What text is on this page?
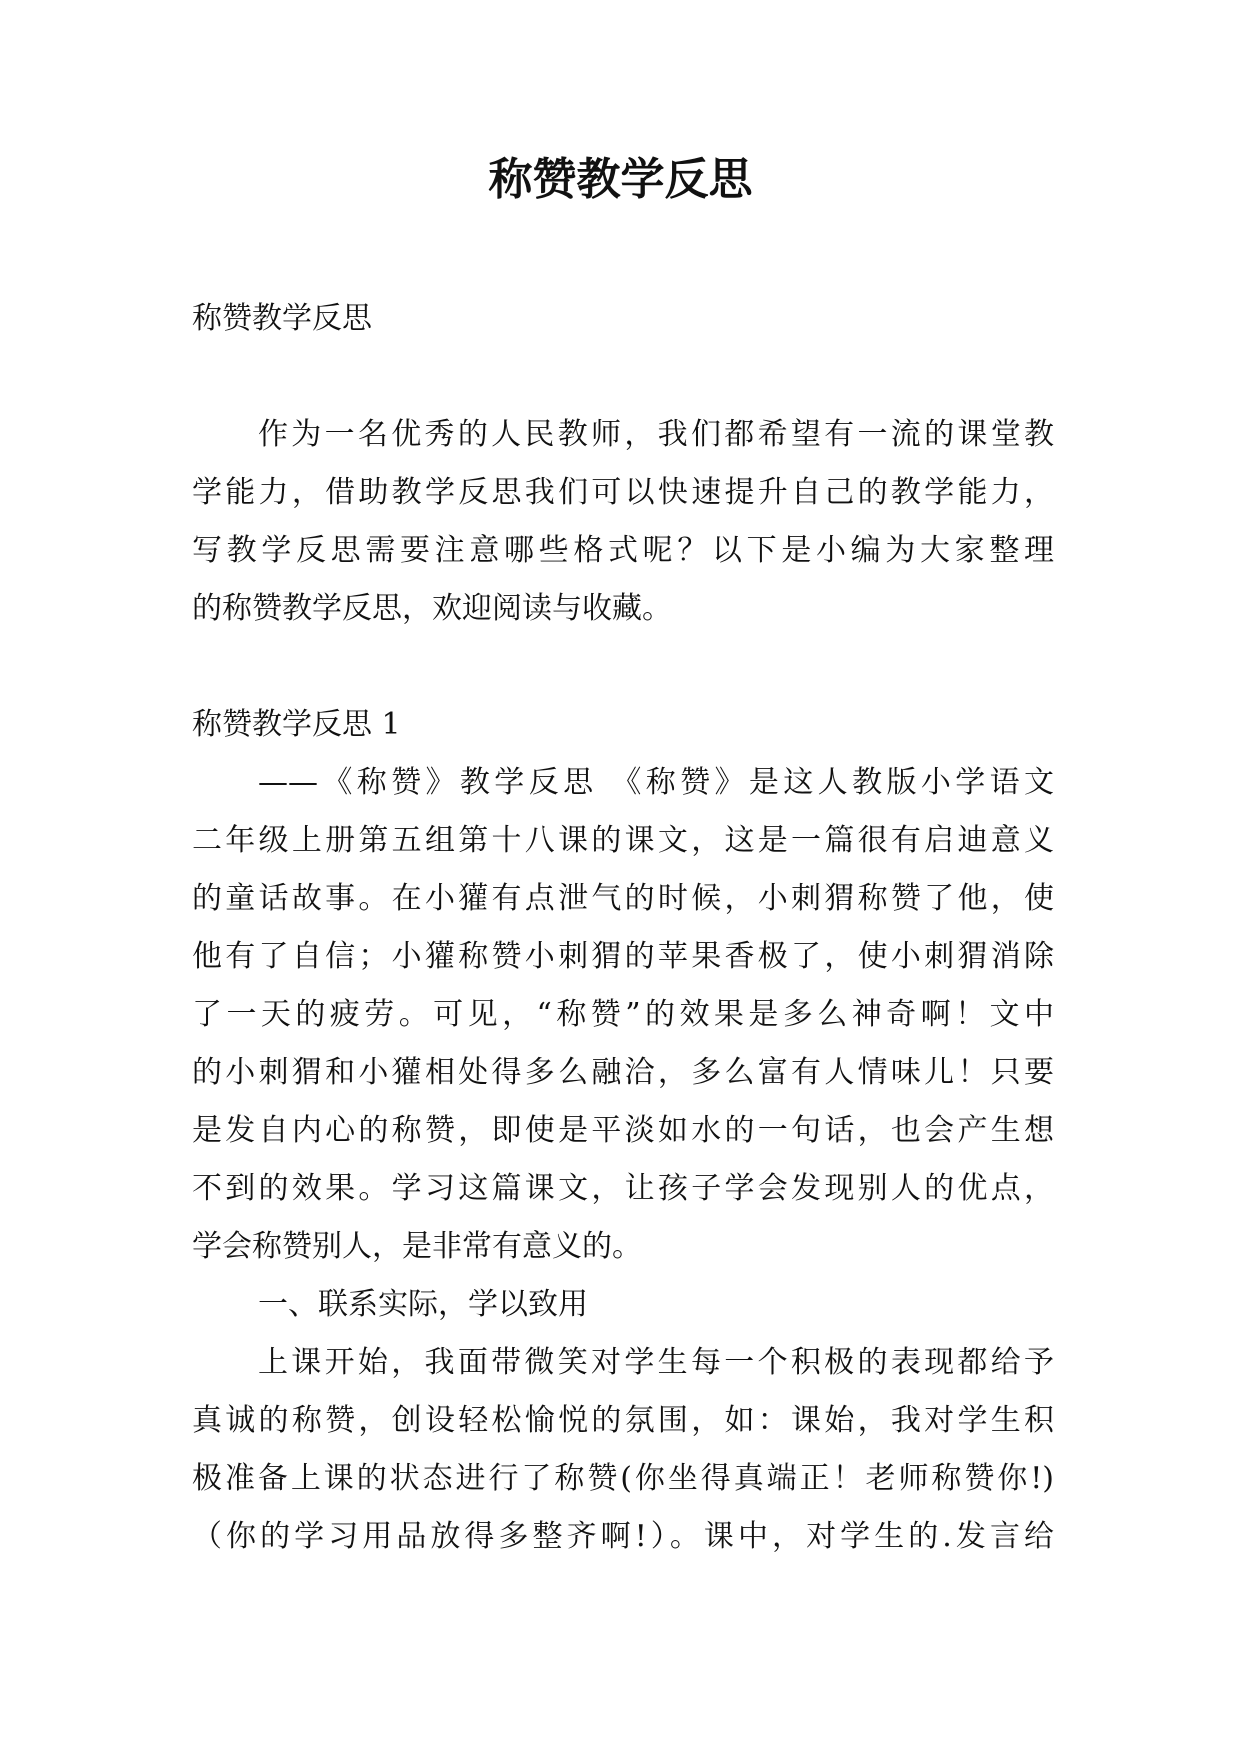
称赞教学反思
称赞教学反思
作为一名优秀的人民教师，我们都希望有一流的课堂教
学能力，借助教学反思我们可以快速提升自己的教学能力，
写教学反思需要注意哪些格式呢？以下是小编为大家整理
的称赞教学反思，欢迎阅读与收藏。
称赞教学反思 1
——《称赞》教学反思 《称赞》是这人教版小学语文
二年级上册第五组第十八课的课文，这是一篇很有启迪意义
的童话故事。在小獾有点泄气的时候，小刺猬称赞了他，使
他有了自信；小獾称赞小刺猬的苹果香极了，使小刺猬消除
了一天的疲劳。可见，“称赞”的效果是多么神奇啊！文中
的小刺猬和小獾相处得多么融洽，多么富有人情味儿！只要
是发自内心的称赞，即使是平淡如水的一句话，也会产生想
不到的效果。学习这篇课文，让孩子学会发现别人的优点，
学会称赞别人，是非常有意义的。
一、联系实际，学以致用
上课开始，我面带微笑对学生每一个积极的表现都给予
真诚的称赞，创设轻松愉悦的氛围，如：课始，我对学生积
极准备上课的状态进行了称赞(你坐得真端正！老师称赞你!)
（你的学习用品放得多整齐啊!）。课中，对学生的.发言给
